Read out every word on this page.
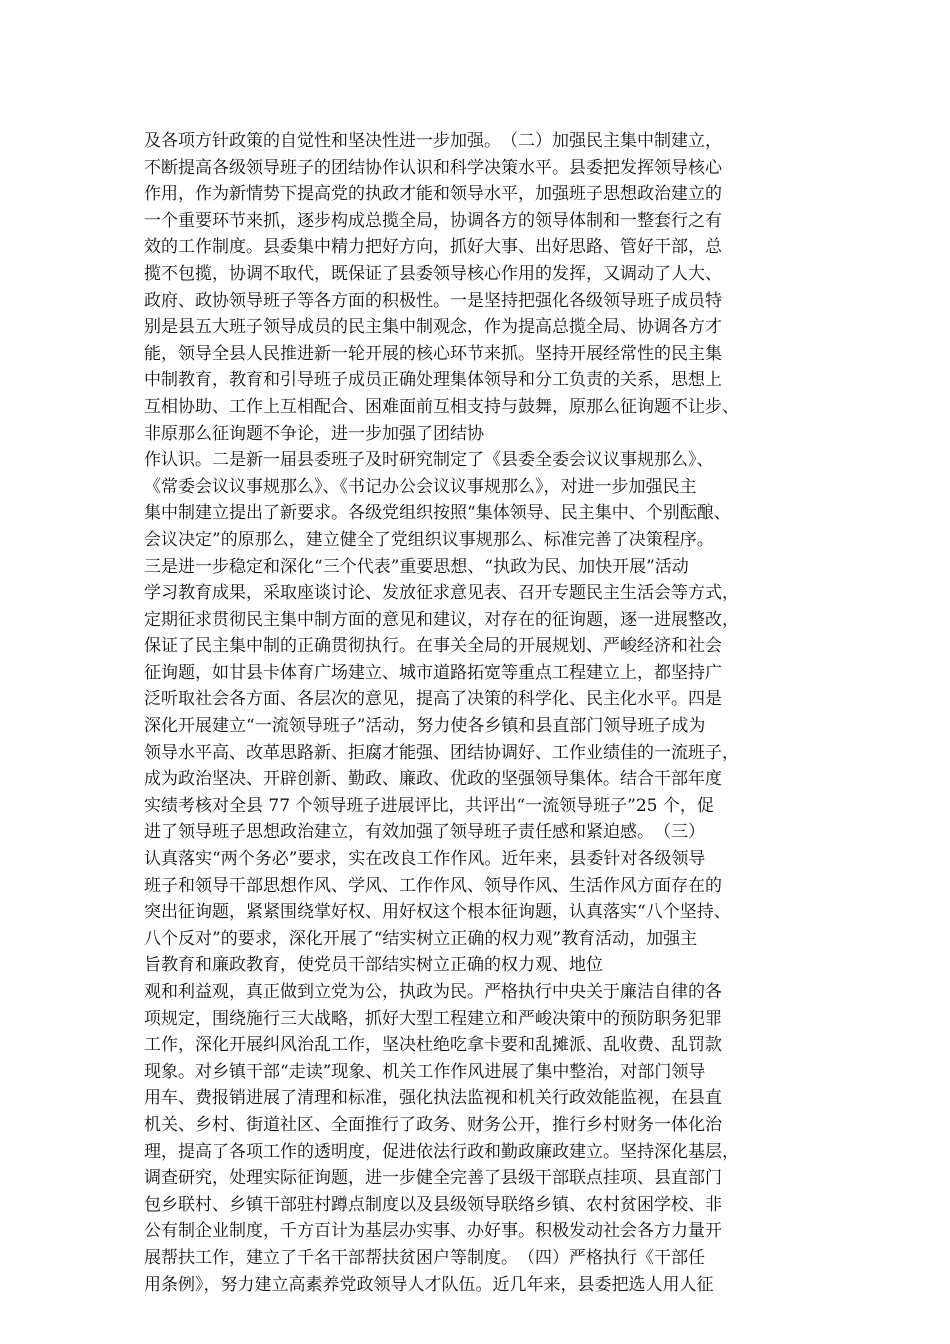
及各项方针政策的自觉性和坚决性进一步加强。　（二）加强民主集中制建立，
不断提高各级领导班子的团结协作认识和科学决策水平。县委把发挥领导核心
作用，作为新情势下提高党的执政才能和领导水平，加强班子思想政治建立的
一个重要环节来抓，逐步构成总揽全局，协调各方的领导体制和一整套行之有
效的工作制度。县委集中精力把好方向，抓好大事、出好思路、管好干部，总
揽不包揽，协调不取代，既保证了县委领导核心作用的发挥，又调动了人大、
政府、政协领导班子等各方面的积极性。一是坚持把强化各级领导班子成员特
别是县五大班子领导成员的民主集中制观念，作为提高总揽全局、协调各方才
能，领导全县人民推进新一轮开展的核心环节来抓。坚持开展经常性的民主集
中制教育，教育和引导班子成员正确处理集体领导和分工负责的关系，思想上
互相协助、工作上互相配合、困难面前互相支持与鼓舞，原那么征询题不让步、
非原那么征询题不争论，进一步加强了团结协
作认识。二是新一届县委班子及时研究制定了《县委全委会议议事规那么》、
《常委会议议事规那么》、《书记办公会议议事规那么》，对进一步加强民主
集中制建立提出了新要求。各级党组织按照“集体领导、民主集中、个别酝酿、
会议决定”的原那么，建立健全了党组织议事规那么、标准完善了决策程序。
三是进一步稳定和深化“三个代表”重要思想、“执政为民、加快开展”活动
学习教育成果，采取座谈讨论、发放征求意见表、召开专题民主生活会等方式，
定期征求贯彻民主集中制方面的意见和建议，对存在的征询题，逐一进展整改，
保证了民主集中制的正确贯彻执行。在事关全局的开展规划、严峻经济和社会
征询题，如甘县卡体育广场建立、城市道路拓宽等重点工程建立上，都坚持广
泛听取社会各方面、各层次的意见，提高了决策的科学化、民主化水平。四是
深化开展建立“一流领导班子”活动，努力使各乡镇和县直部门领导班子成为
领导水平高、改革思路新、拒腐才能强、团结协调好、工作业绩佳的一流班子，
成为政治坚决、开辟创新、勤政、廉政、优政的坚强领导集体。结合干部年度
实绩考核对全县 77 个领导班子进展评比，共评出“一流领导班子”25 个，促
进了领导班子思想政治建立，有效加强了领导班子责任感和紧迫感。　（三）
认真落实“两个务必”要求，实在改良工作作风。近年来，县委针对各级领导
班子和领导干部思想作风、学风、工作作风、领导作风、生活作风方面存在的
突出征询题，紧紧围绕掌好权、用好权这个根本征询题，认真落实“八个坚持、
八个反对”的要求，深化开展了“结实树立正确的权力观”教育活动，加强主
旨教育和廉政教育，使党员干部结实树立正确的权力观、地位
观和利益观，真正做到立党为公，执政为民。严格执行中央关于廉洁自律的各
项规定，围绕施行三大战略，抓好大型工程建立和严峻决策中的预防职务犯罪
工作，深化开展纠风治乱工作，坚决杜绝吃拿卡要和乱摊派、乱收费、乱罚款
现象。对乡镇干部“走读”现象、机关工作作风进展了集中整治，对部门领导
用车、费报销进展了清理和标准，强化执法监视和机关行政效能监视，在县直
机关、乡村、街道社区、全面推行了政务、财务公开，推行乡村财务一体化治
理，提高了各项工作的透明度，促进依法行政和勤政廉政建立。坚持深化基层，
调查研究，处理实际征询题，进一步健全完善了县级干部联点挂项、县直部门
包乡联村、乡镇干部驻村蹲点制度以及县级领导联络乡镇、农村贫困学校、非
公有制企业制度，千方百计为基层办实事、办好事。积极发动社会各方力量开
展帮扶工作，建立了千名干部帮扶贫困户等制度。　（四）严格执行《干部任
用条例》，努力建立高素养党政领导人才队伍。近几年来，县委把选人用人征
